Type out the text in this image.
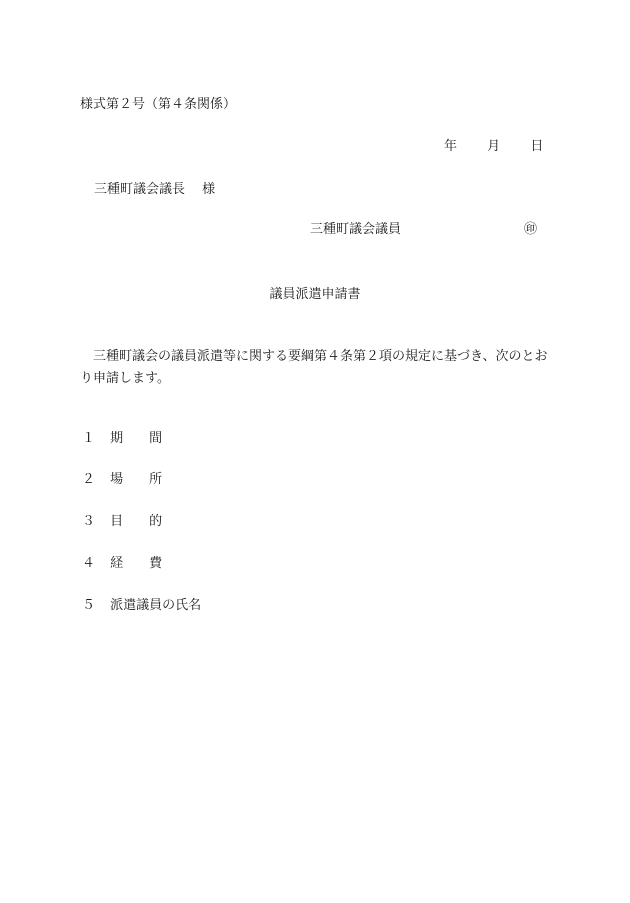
様式第２号（第４条関係）
年 月 日
三種町議会議長 様
三種町議会議員	㊞
議員派遣申請書
三種町議会の議員派遣等に関する要綱第４条第２項の規定に基づき、次のとおり申請します。
１ 期 間
２ 場 所
３ 目 的
４ 経 費
５ 派遣議員の氏名
